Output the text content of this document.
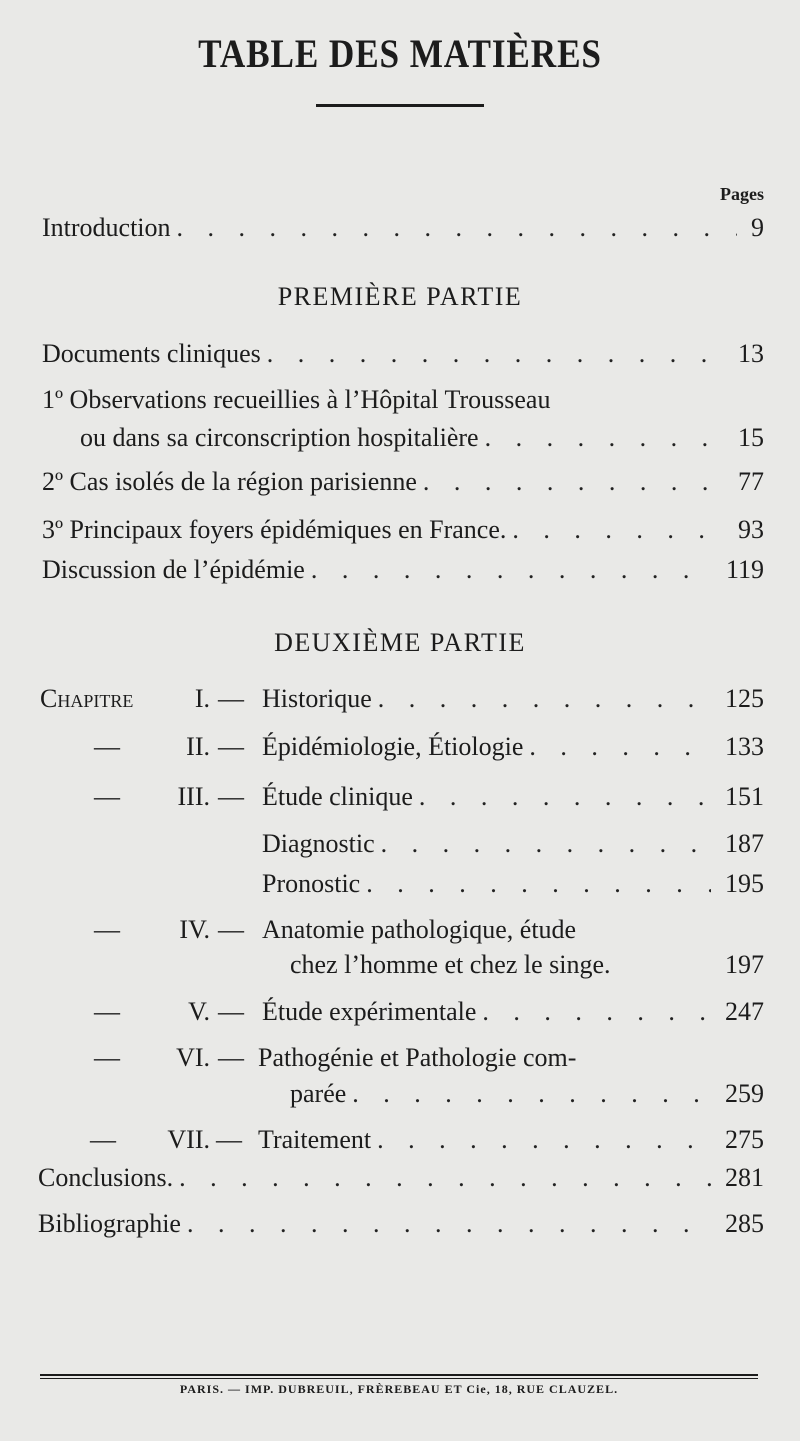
TABLE DES MATIÈRES
Pages
Introduction . . .	9
PREMIÈRE PARTIE
Documents cliniques . . .	13
1º Observations recueillies à l’Hôpital Trousseau
ou dans sa circonscription hospitalière . . .	15
2º Cas isolés de la région parisienne . . .	77
3º Principaux foyers épidémiques en France. . . .	93
Discussion de l’épidémie . . .	119
DEUXIÈME PARTIE
Chapitre	I. — Historique . . .	125
—	II. — Épidémiologie, Étiologie . . .	133
—	III. — Étude clinique . . .	151
Diagnostic . . .	187
Pronostic . . .	195
—	IV. — Anatomie pathologique, étude
chez l’homme et chez le singe.	197
—	V. — Étude expérimentale . . .	247
—	VI. — Pathogénie et Pathologie com-
parée . . .	259
—	VII. — Traitement . . .	275
Conclusions. . . .	281
Bibliographie . . .	285
PARIS. — IMP. DUBREUIL, FRÈREBEAU ET Cie, 18, RUE CLAUZEL.
